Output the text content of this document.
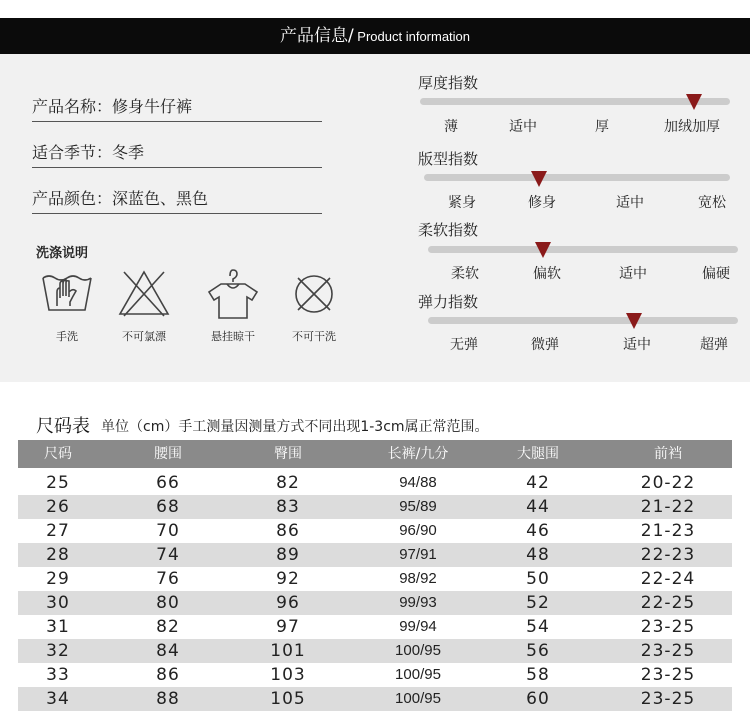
产品信息/ Product information
产品名称：修身牛仔裤
适合季节：冬季
产品颜色：深蓝色、黑色
洗涤说明
手洗	不可氯漂	悬挂晾干	不可干洗
厚度指数
薄	适中	厚	加绒加厚
版型指数
紧身	修身	适中	宽松
柔软指数
柔软	偏软	适中	偏硬
弹力指数
无弹	微弹	适中	超弹
尺码表 单位（cm）手工测量因测量方式不同出现1-3cm属正常范围。
尺码	腰围	臀围	长裤/九分	大腿围	前裆
25	66	82	94/88	42	20-22
26	68	83	95/89	44	21-22
27	70	86	96/90	46	21-23
28	74	89	97/91	48	22-23
29	76	92	98/92	50	22-24
30	80	96	99/93	52	22-25
31	82	97	99/94	54	23-25
32	84	101	100/95	56	23-25
33	86	103	100/95	58	23-25
34	88	105	100/95	60	23-25
